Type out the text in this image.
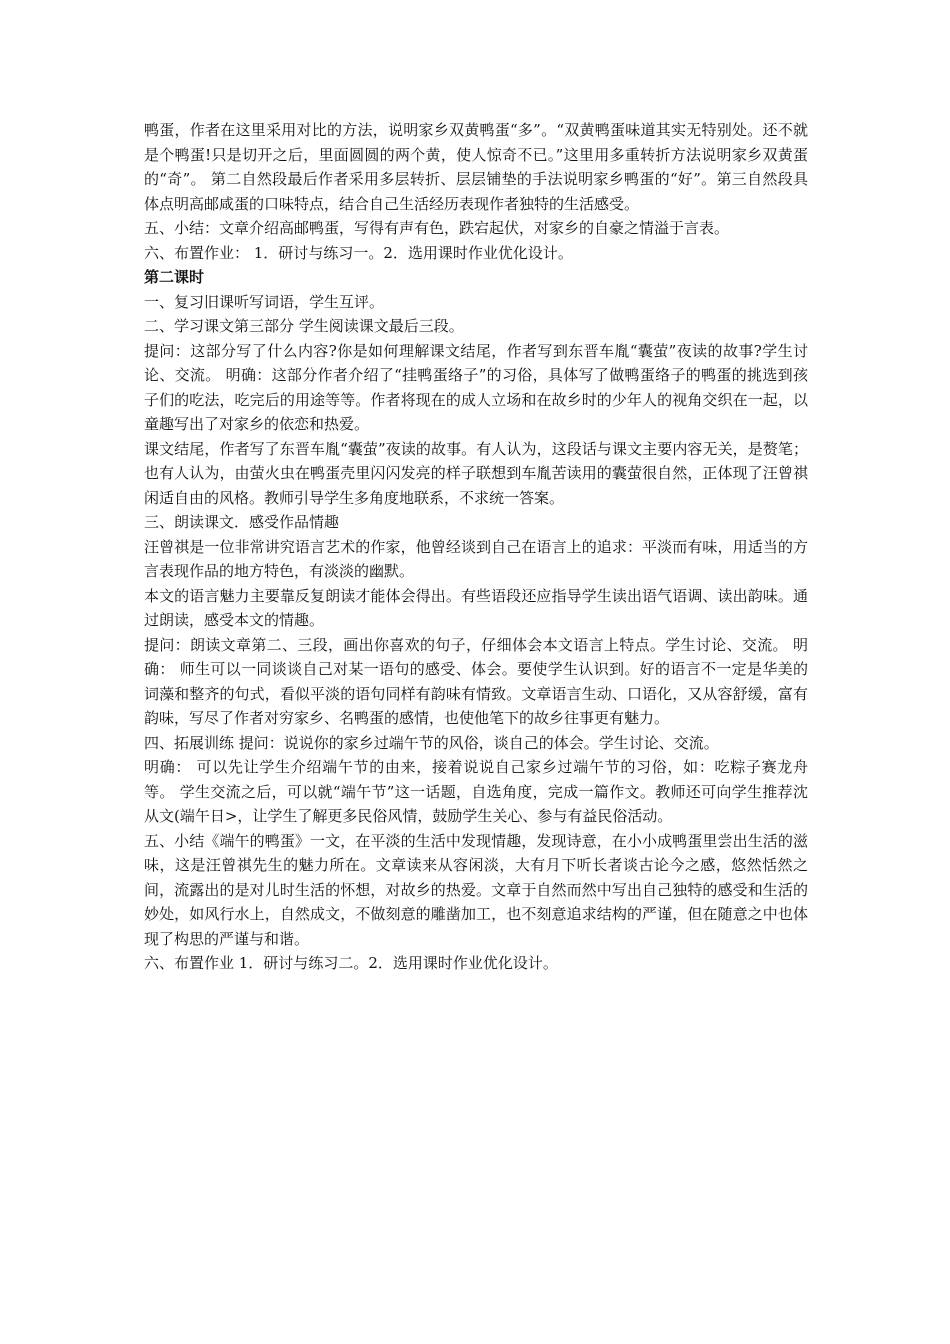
鸭蛋，作者在这里采用对比的方法，说明家乡双黄鸭蛋“多”。“双黄鸭蛋味道其实无特别处。还不就是个鸭蛋!只是切开之后，里面圆圆的两个黄，使人惊奇不已。”这里用多重转折方法说明家乡双黄蛋的“奇”。 第二自然段最后作者采用多层转折、层层铺垫的手法说明家乡鸭蛋的“好”。第三自然段具体点明高邮咸蛋的口味特点，结合自己生活经历表现作者独特的生活感受。

五、小结：文章介绍高邮鸭蛋，写得有声有色，跌宕起伏，对家乡的自豪之情溢于言表。

六、布置作业： 1．研讨与练习一。2．选用课时作业优化设计。

第二课时

一、复习旧课听写词语，学生互评。

二、学习课文第三部分 学生阅读课文最后三段。

提问：这部分写了什么内容?你是如何理解课文结尾，作者写到东晋车胤“囊萤”夜读的故事?学生讨论、交流。 明确：这部分作者介绍了“挂鸭蛋络子”的习俗，具体写了做鸭蛋络子的鸭蛋的挑选到孩子们的吃法，吃完后的用途等等。作者将现在的成人立场和在故乡时的少年人的视角交织在一起，以童趣写出了对家乡的依恋和热爱。

课文结尾，作者写了东晋车胤“囊萤”夜读的故事。有人认为，这段话与课文主要内容无关，是赘笔；也有人认为，由萤火虫在鸭蛋壳里闪闪发亮的样子联想到车胤苦读用的囊萤很自然，正体现了汪曾祺闲适自由的风格。教师引导学生多角度地联系，不求统一答案。

三、朗读课文．感受作品情趣

汪曾祺是一位非常讲究语言艺术的作家，他曾经谈到自己在语言上的追求：平淡而有味，用适当的方言表现作品的地方特色，有淡淡的幽默。

本文的语言魅力主要靠反复朗读才能体会得出。有些语段还应指导学生读出语气语调、读出韵味。通过朗读，感受本文的情趣。

提问：朗读文章第二、三段，画出你喜欢的句子，仔细体会本文语言上特点。学生讨论、交流。 明确： 师生可以一同谈谈自己对某一语句的感受、体会。要使学生认识到。好的语言不一定是华美的词藻和整齐的句式，看似平淡的语句同样有韵味有情致。文章语言生动、口语化，又从容舒缓，富有韵味，写尽了作者对穷家乡、名鸭蛋的感情，也使他笔下的故乡往事更有魅力。

四、拓展训练 提问：说说你的家乡过端午节的风俗，谈自己的体会。学生讨论、交流。

明确： 可以先让学生介绍端午节的由来，接着说说自己家乡过端午节的习俗，如：吃粽子赛龙舟等。 学生交流之后，可以就“端午节”这一话题，自选角度，完成一篇作文。教师还可向学生推荐沈从文(端午日>，让学生了解更多民俗风情，鼓励学生关心、参与有益民俗活动。

五、小结《端午的鸭蛋》一文，在平淡的生活中发现情趣，发现诗意，在小小成鸭蛋里尝出生活的滋味，这是汪曾祺先生的魅力所在。文章读来从容闲淡，大有月下听长者谈古论今之感，悠然恬然之间，流露出的是对儿时生活的怀想，对故乡的热爱。文章于自然而然中写出自己独特的感受和生活的妙处，如风行水上，自然成文，不做刻意的雕凿加工，也不刻意追求结构的严谨，但在随意之中也体现了构思的严谨与和谐。

六、布置作业 1．研讨与练习二。2．选用课时作业优化设计。
